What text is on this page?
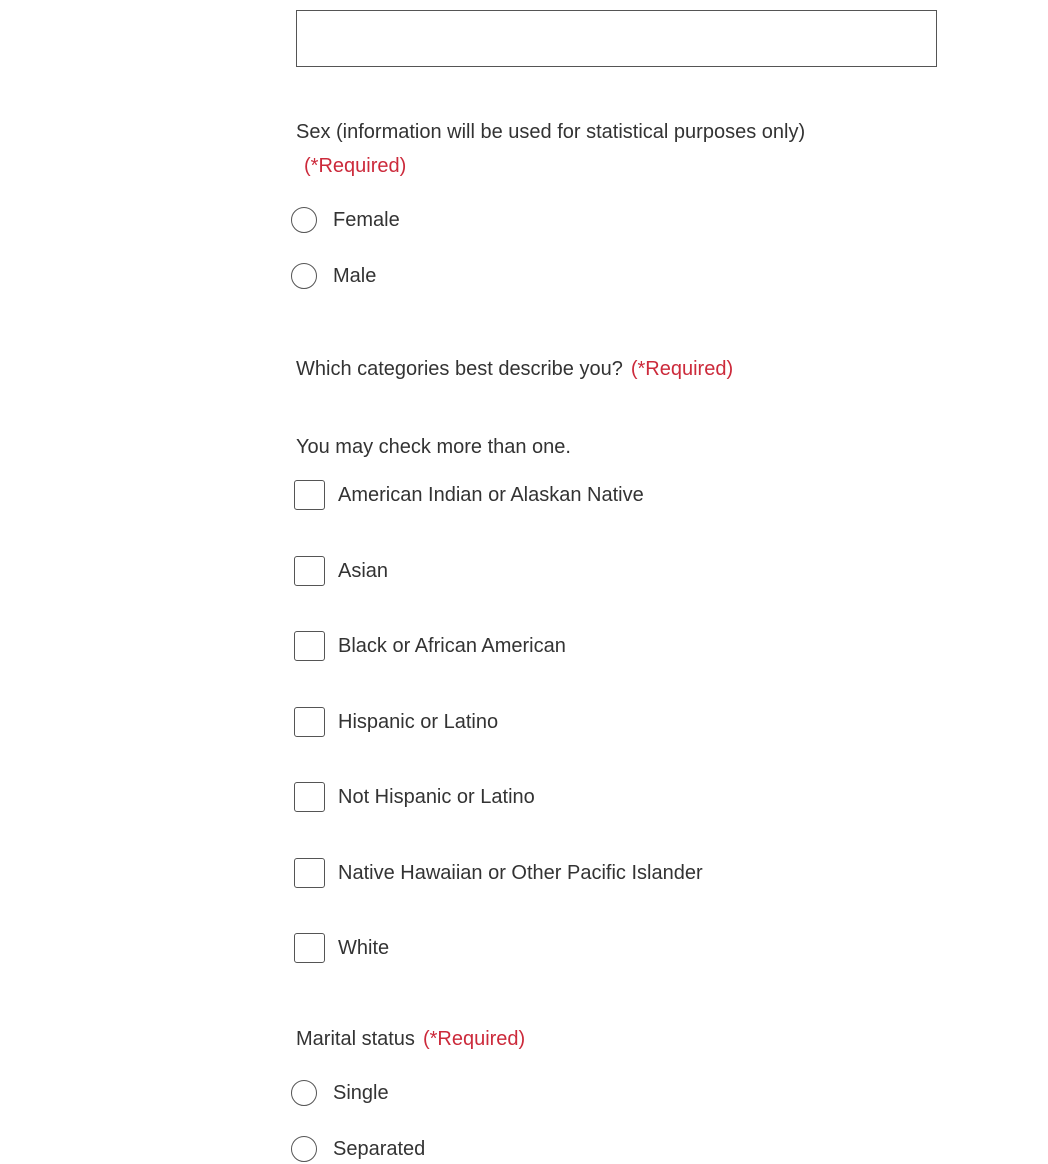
Sex (information will be used for statistical purposes only)
(*Required)
Female
Male
Which categories best describe you? (*Required)
You may check more than one.
American Indian or Alaskan Native
Asian
Black or African American
Hispanic or Latino
Not Hispanic or Latino
Native Hawaiian or Other Pacific Islander
White
Marital status (*Required)
Single
Separated
